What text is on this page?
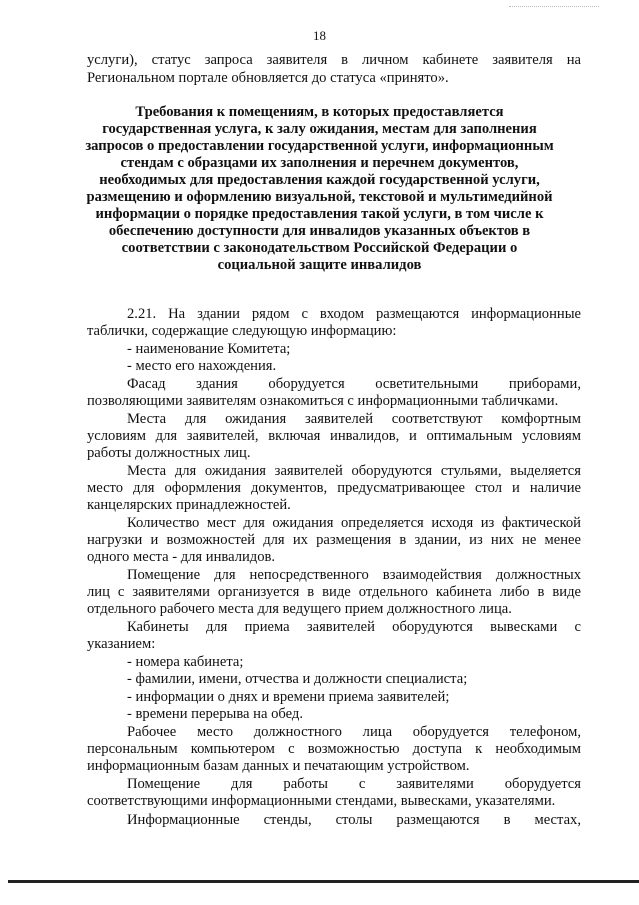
18
услуги), статус запроса заявителя в личном кабинете заявителя на
Региональном портале обновляется до статуса «принято».
Требования к помещениям, в которых предоставляется
государственная услуга, к залу ожидания, местам для заполнения
запросов о предоставлении государственной услуги, информационным
стендам с образцами их заполнения и перечнем документов,
необходимых для предоставления каждой государственной услуги,
размещению и оформлению визуальной, текстовой и мультимедийной
информации о порядке предоставления такой услуги, в том числе к
обеспечению доступности для инвалидов указанных объектов в
соответствии с законодательством Российской Федерации о
социальной защите инвалидов
2.21. На здании рядом с входом размещаются информационные
таблички, содержащие следующую информацию:
- наименование Комитета;
- место его нахождения.
Фасад здания оборудуется осветительными приборами,
позволяющими заявителям ознакомиться с информационными табличками.
Места для ожидания заявителей соответствуют комфортным
условиям для заявителей, включая инвалидов, и оптимальным условиям
работы должностных лиц.
Места для ожидания заявителей оборудуются стульями, выделяется
место для оформления документов, предусматривающее стол и наличие
канцелярских принадлежностей.
Количество мест для ожидания определяется исходя из фактической
нагрузки и возможностей для их размещения в здании, из них не менее
одного места - для инвалидов.
Помещение для непосредственного взаимодействия должностных
лиц с заявителями организуется в виде отдельного кабинета либо в виде
отдельного рабочего места для ведущего прием должностного лица.
Кабинеты для приема заявителей оборудуются вывесками с
указанием:
- номера кабинета;
- фамилии, имени, отчества и должности специалиста;
- информации о днях и времени приема заявителей;
- времени перерыва на обед.
Рабочее место должностного лица оборудуется телефоном,
персональным компьютером с возможностью доступа к необходимым
информационным базам данных и печатающим устройством.
Помещение для работы с заявителями оборудуется
соответствующими информационными стендами, вывесками, указателями.
Информационные стенды, столы размещаются в местах,
